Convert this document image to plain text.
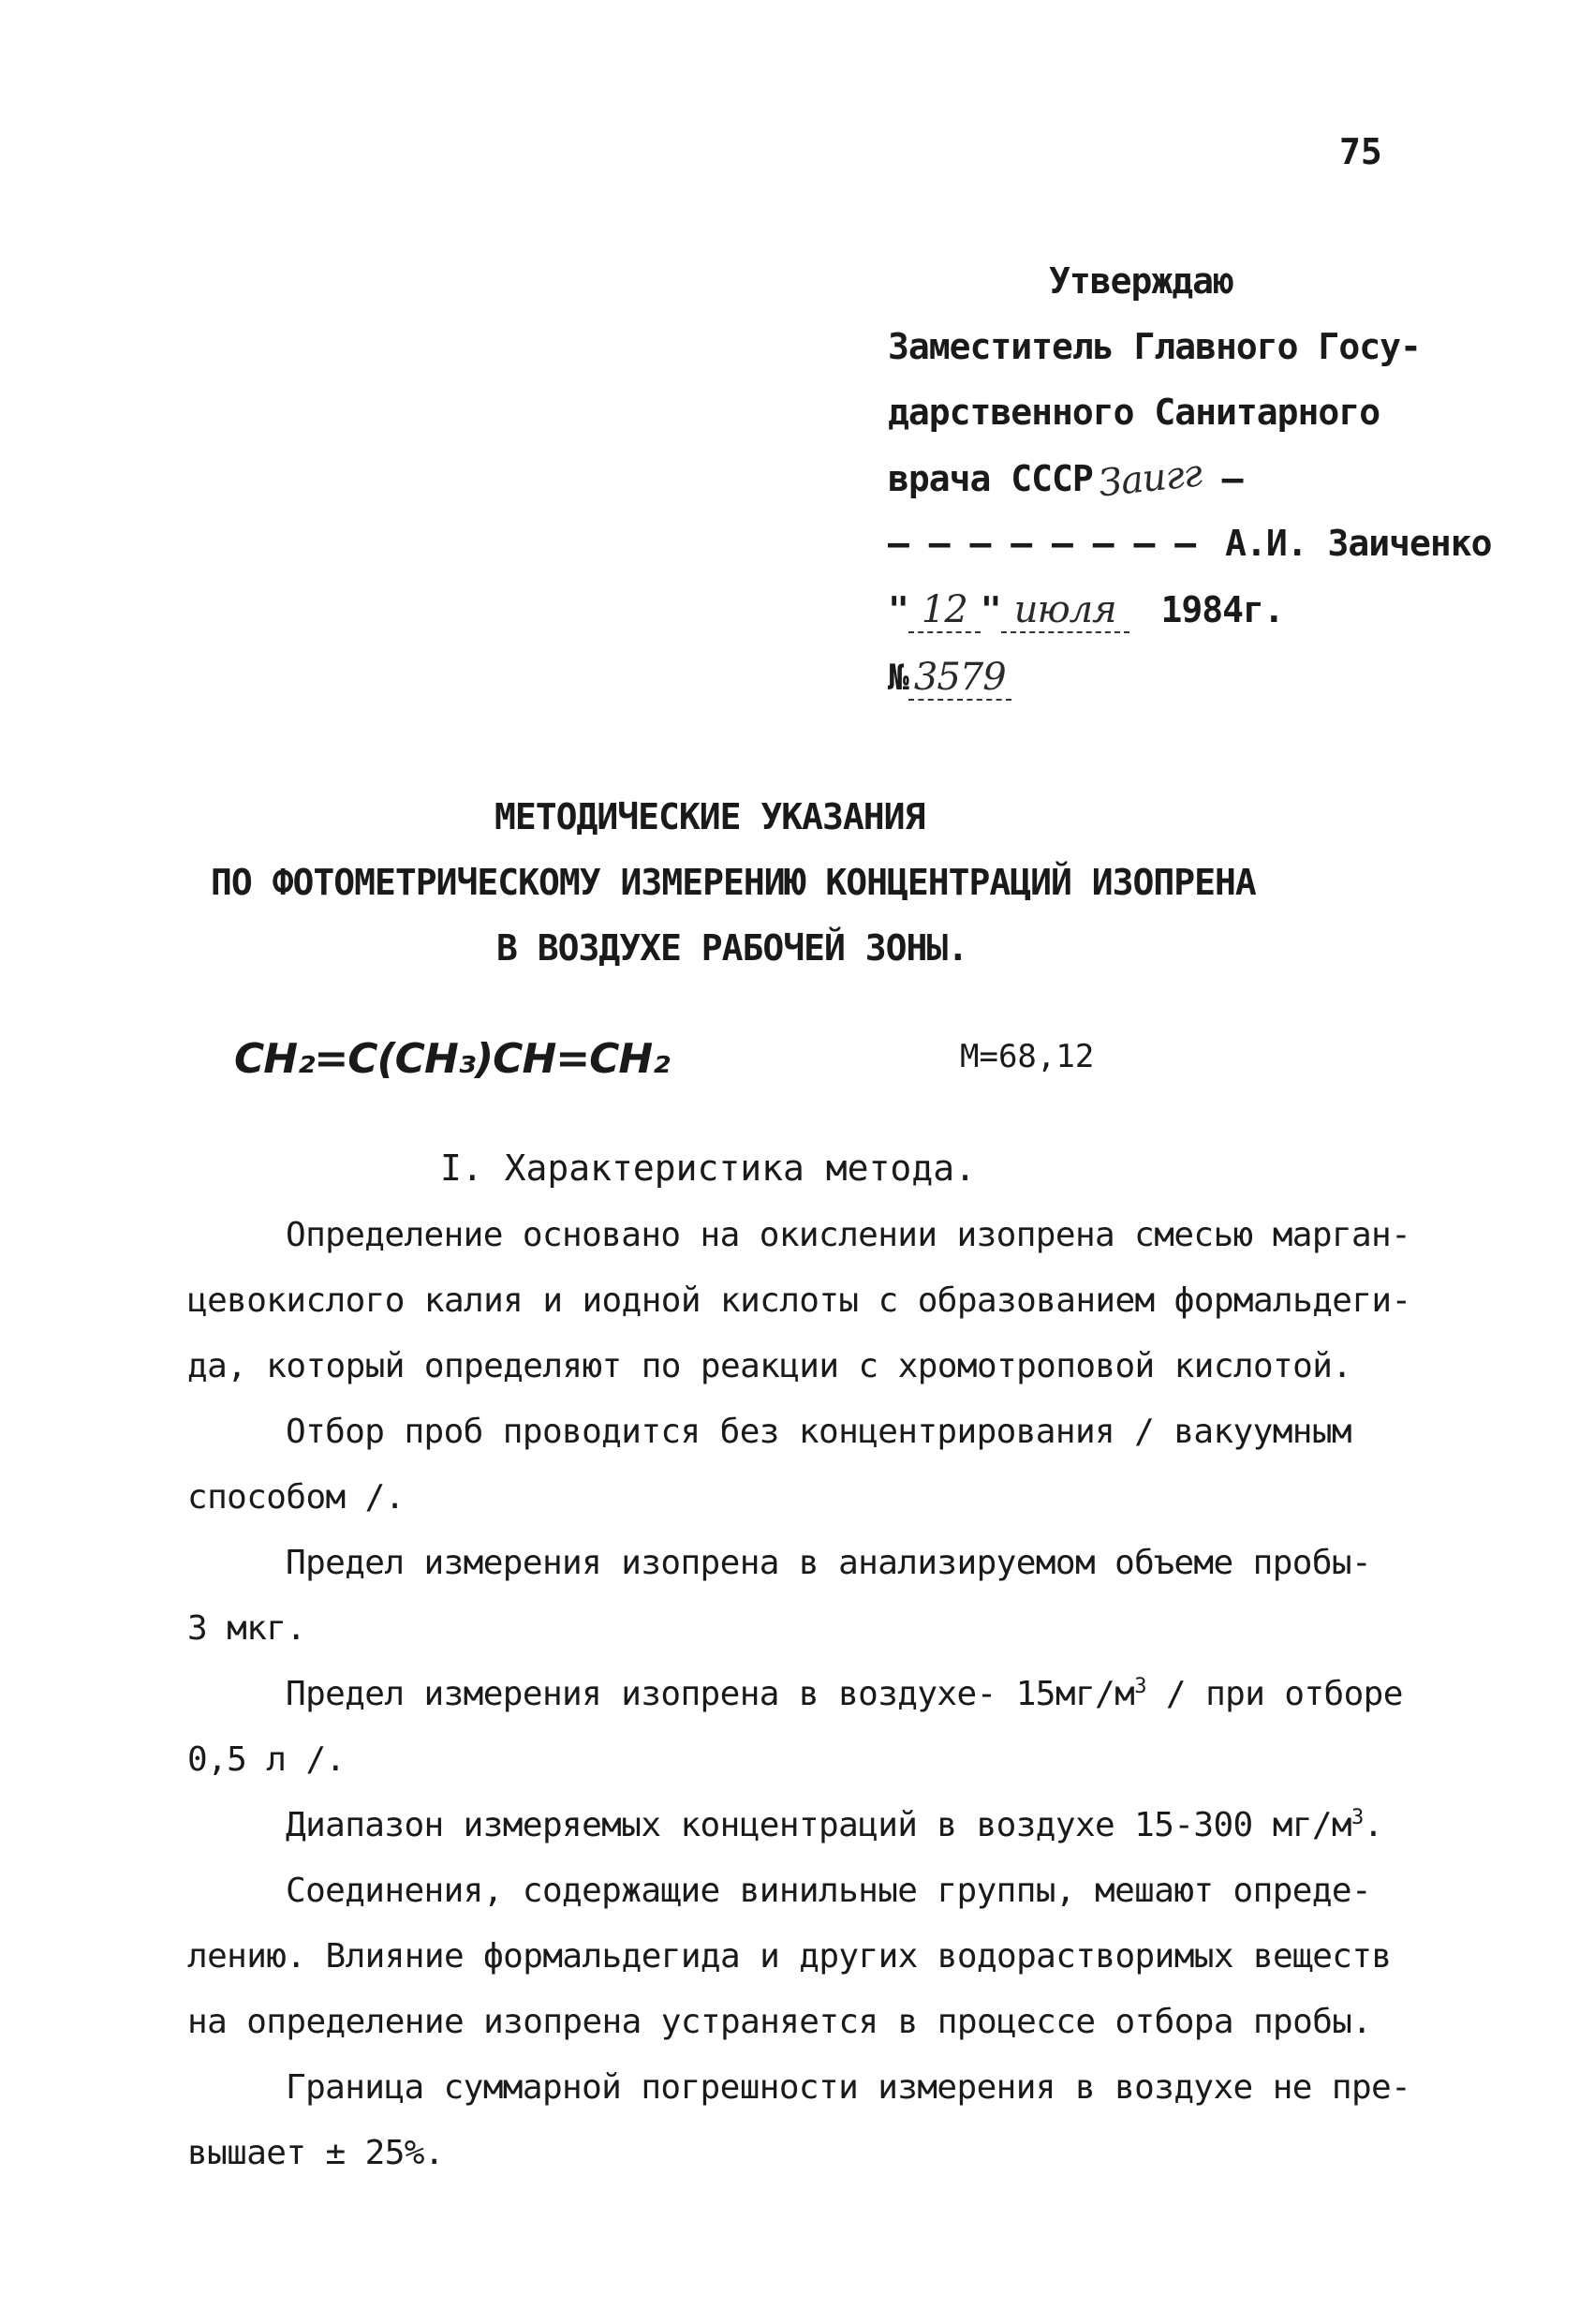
75
Утверждаю
Заместитель Главного Госу-
дарственного Санитарного
врача СССРЗаигг –
– – – – – – – – А.И. Заиченко
" 12 " июля 1984г.
№ 3579
МЕТОДИЧЕСКИЕ УКАЗАНИЯ
ПО ФОТОМЕТРИЧЕСКОМУ ИЗМЕРЕНИЮ КОНЦЕНТРАЦИЙ ИЗОПРЕНА
В ВОЗДУХЕ РАБОЧЕЙ ЗОНЫ.
CH₂=C(CH₃)CH=CH₂	М=68,12
I. Характеристика метода.
Определение основано на окислении изопрена смесью марган-
цевокислого калия и иодной кислоты с образованием формальдеги-
да, который определяют по реакции с хромотроповой кислотой.
Отбор проб проводится без концентрирования / вакуумным
способом /.
Предел измерения изопрена в анализируемом объеме пробы-
3 мкг.
Предел измерения изопрена в воздухе- $15мг/м^3$ / при отборе
0,5 л /.
Диапазон измеряемых концентраций в воздухе 15-300 $мг/м^3$.
Соединения, содержащие винильные группы, мешают опреде-
лению. Влияние формальдегида и других водорастворимых веществ
на определение изопрена устраняется в процессе отбора пробы.
Граница суммарной погрешности измерения в воздухе не пре-
вышает ± 25%.
